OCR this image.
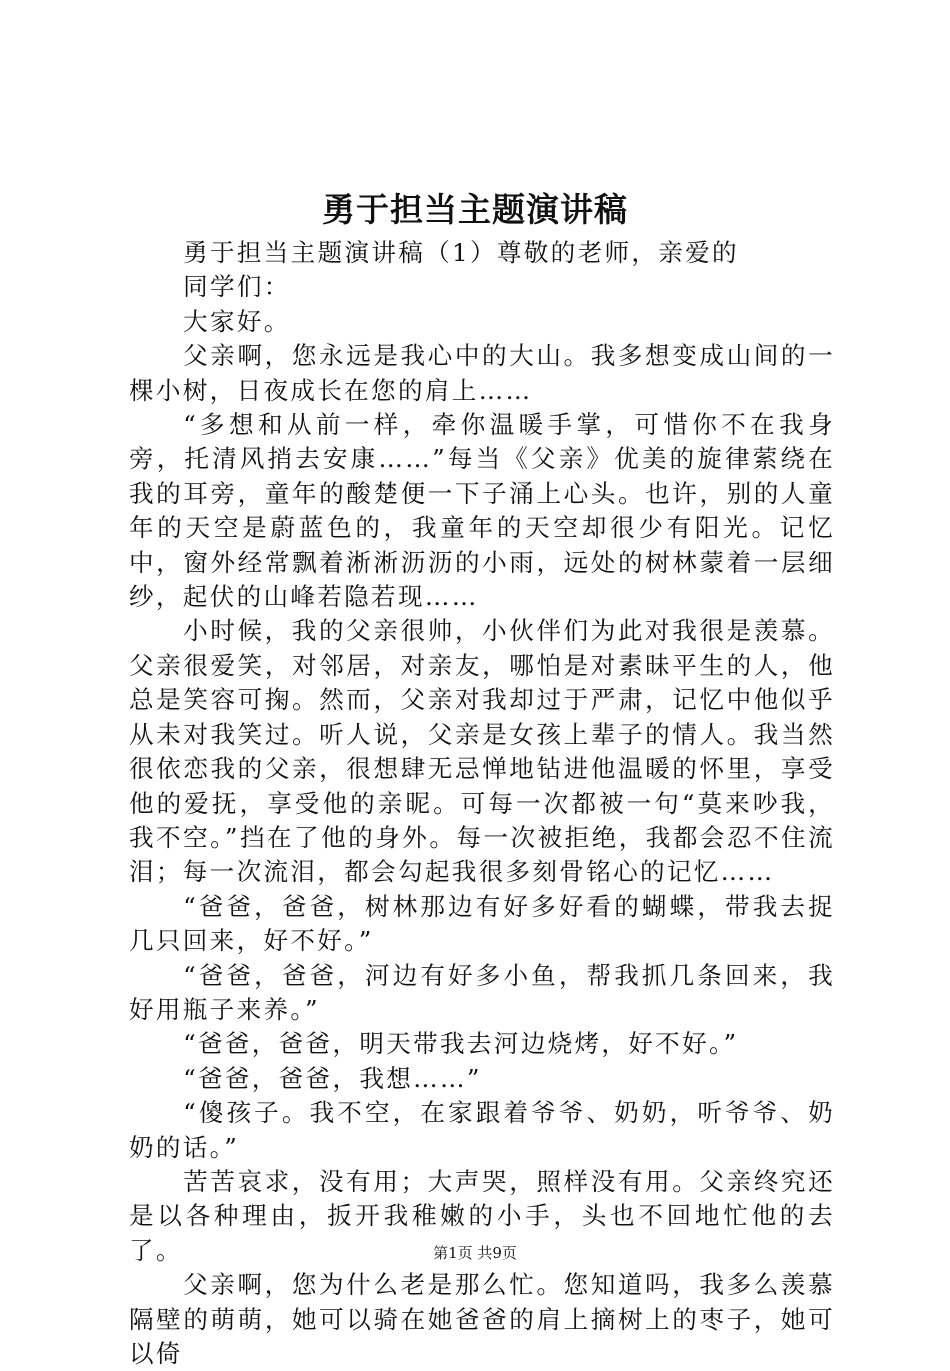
勇于担当主题演讲稿

勇于担当主题演讲稿（1）尊敬的老师，亲爱的

同学们：

大家好。

父亲啊，您永远是我心中的大山。我多想变成山间的一棵小树，日夜成长在您的肩上……

“多想和从前一样，牵你温暖手掌，可惜你不在我身旁，托清风捎去安康……”每当《父亲》优美的旋律萦绕在我的耳旁，童年的酸楚便一下子涌上心头。也许，别的人童年的天空是蔚蓝色的，我童年的天空却很少有阳光。记忆中，窗外经常飘着淅淅沥沥的小雨，远处的树林蒙着一层细纱，起伏的山峰若隐若现……

小时候，我的父亲很帅，小伙伴们为此对我很是羡慕。父亲很爱笑，对邻居，对亲友，哪怕是对素昧平生的人，他总是笑容可掬。然而，父亲对我却过于严肃，记忆中他似乎从未对我笑过。听人说，父亲是女孩上辈子的情人。我当然很依恋我的父亲，很想肆无忌惮地钻进他温暖的怀里，享受他的爱抚，享受他的亲昵。可每一次都被一句“莫来吵我，我不空。”挡在了他的身外。每一次被拒绝，我都会忍不住流泪；每一次流泪，都会勾起我很多刻骨铭心的记忆……

“爸爸，爸爸，树林那边有好多好看的蝴蝶，带我去捉几只回来，好不好。”

“爸爸，爸爸，河边有好多小鱼，帮我抓几条回来，我好用瓶子来养。”

“爸爸，爸爸，明天带我去河边烧烤，好不好。”

“爸爸，爸爸，我想……”

“傻孩子。我不空，在家跟着爷爷、奶奶，听爷爷、奶奶的话。”

苦苦哀求，没有用；大声哭，照样没有用。父亲终究还是以各种理由，扳开我稚嫩的小手，头也不回地忙他的去了。

父亲啊，您为什么老是那么忙。您知道吗，我多么羡慕隔壁的萌萌，她可以骑在她爸爸的肩上摘树上的枣子，她可以倚

第1页 共9页
